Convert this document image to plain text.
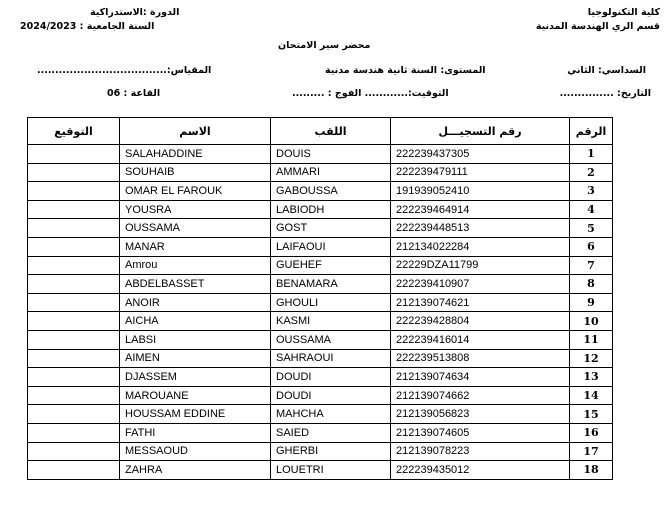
كلية التكنولوجيا
قسم الري الهندسة المدنية
الدورة :الاستدراكية
السنة الجامعية : 2024/2023
محضر سير الامتحان
السداسي: الثاني
المستوى: السنة ثانية هندسة مدنية
المقياس:....................................
التاريخ: ...............
التوقيت:............ الفوج : .........
القاعة : 06
التوقيع	الاسم	اللقب	رقم التسجيـــل	الرقم
	SALAHADDINE	DOUIS	222239437305	1
	SOUHAIB	AMMARI	222239479111	2
	OMAR EL FAROUK	GABOUSSA	191939052410	3
	YOUSRA	LABIODH	222239464914	4
	OUSSAMA	GOST	222239448513	5
	MANAR	LAIFAOUI	212134022284	6
	Amrou	GUEHEF	22229DZA11799	7
	ABDELBASSET	BENAMARA	222239410907	8
	ANOIR	GHOULI	212139074621	9
	AICHA	KASMI	222239428804	10
	LABSI	OUSSAMA	222239416014	11
	AIMEN	SAHRAOUI	222239513808	12
	DJASSEM	DOUDI	212139074634	13
	MAROUANE	DOUDI	212139074662	14
	HOUSSAM EDDINE	MAHCHA	212139056823	15
	FATHI	SAIED	212139074605	16
	MESSAOUD	GHERBI	212139078223	17
	ZAHRA	LOUETRI	222239435012	18
